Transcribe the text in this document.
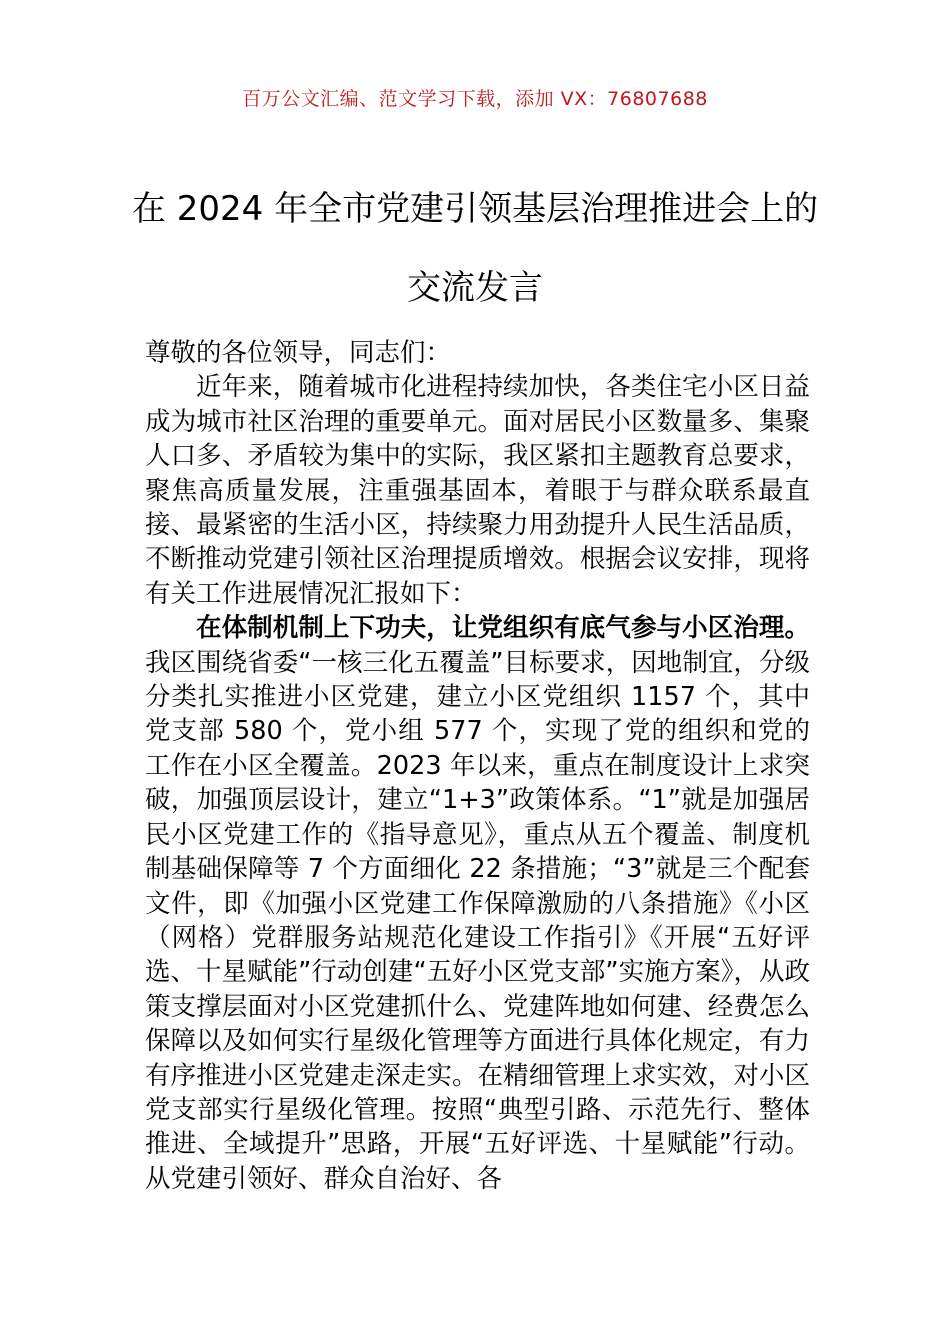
百万公文汇编、范文学习下载，添加 VX：76807688
在 2024 年全市党建引领基层治理推进会上的交流发言

尊敬的各位领导，同志们：

近年来，随着城市化进程持续加快，各类住宅小区日益成为城市社区治理的重要单元。面对居民小区数量多、集聚人口多、矛盾较为集中的实际，我区紧扣主题教育总要求，聚焦高质量发展，注重强基固本，着眼于与群众联系最直接、最紧密的生活小区，持续聚力用劲提升人民生活品质，不断推动党建引领社区治理提质增效。根据会议安排，现将有关工作进展情况汇报如下：

在体制机制上下功夫，让党组织有底气参与小区治理。我区围绕省委“一核三化五覆盖”目标要求，因地制宜，分级分类扎实推进小区党建，建立小区党组织 1157 个，其中党支部 580 个，党小组 577 个，实现了党的组织和党的工作在小区全覆盖。2023 年以来，重点在制度设计上求突破，加强顶层设计，建立“1+3”政策体系。“1”就是加强居民小区党建工作的《指导意见》，重点从五个覆盖、制度机制基础保障等 7 个方面细化 22 条措施；“3”就是三个配套文件，即《加强小区党建工作保障激励的八条措施》《小区（网格）党群服务站规范化建设工作指引》《开展“五好评选、十星赋能”行动创建“五好小区党支部”实施方案》，从政策支撑层面对小区党建抓什么、党建阵地如何建、经费怎么保障以及如何实行星级化管理等方面进行具体化规定，有力有序推进小区党建走深走实。在精细管理上求实效，对小区党支部实行星级化管理。按照“典型引路、示范先行、整体推进、全域提升”思路，开展“五好评选、十星赋能”行动。从党建引领好、群众自治好、各
